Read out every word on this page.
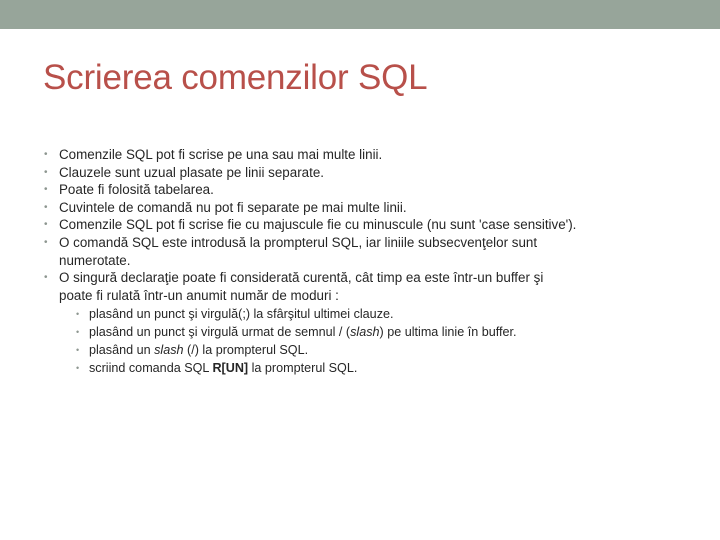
Scrierea comenzilor SQL
• Comenzile SQL pot fi scrise pe una sau mai multe linii.
• Clauzele sunt uzual plasate pe linii separate.
• Poate fi folosită tabelarea.
• Cuvintele de comandă nu pot fi separate pe mai multe linii.
• Comenzile SQL pot fi scrise fie cu majuscule fie cu minuscule (nu sunt 'case sensitive').
• O comandă SQL este introdusă la prompterul SQL, iar liniile subsecvenţelor sunt
numerotate.
• O singură declaraţie poate fi considerată curentă, cât timp ea este într-un buffer şi
poate fi rulată într-un anumit număr de moduri :
• plasând un punct şi virgulă(;) la sfârşitul ultimei clauze.
• plasând un punct şi virgulă urmat de semnul / (slash) pe ultima linie în buffer.
• plasând un slash (/) la prompterul SQL.
• scriind comanda SQL R[UN] la prompterul SQL.
